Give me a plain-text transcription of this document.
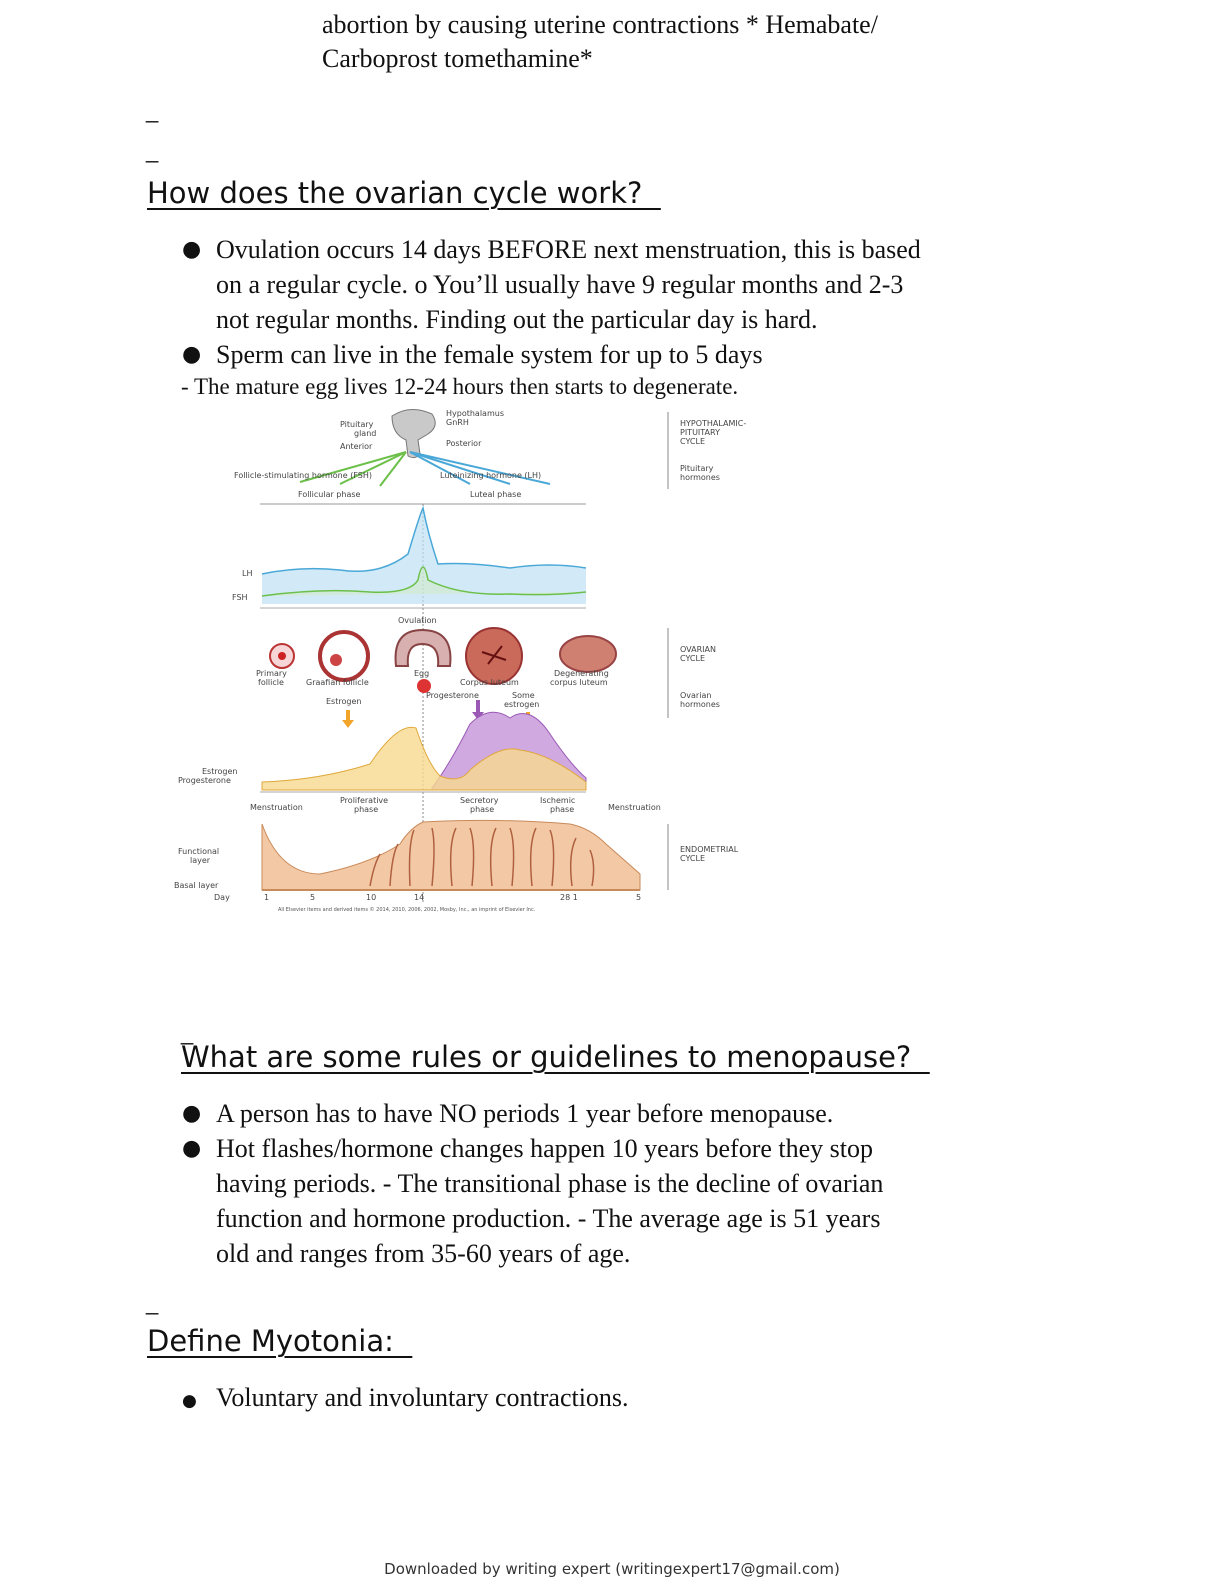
abortion by causing uterine contractions * Hemabate/
Carboprost tomethamine*
_
_
How does the ovarian cycle work?
● Ovulation occurs 14 days BEFORE next menstruation, this is based
on a regular cycle. o You’ll usually have 9 regular months and 2-3
not regular months. Finding out the particular day is hard.
● Sperm can live in the female system for up to 5 days
- The mature egg lives 12-24 hours then starts to degenerate.
Hypothalamus
GnRH
Pituitary
gland
Anterior	Posterior
Follicle-stimulating hormone (FSH)	Luteinizing hormone (LH)
Follicular phase	Luteal phase
HYPOTHALAMIC-
PITUITARY
CYCLE
Pituitary
hormones
LH
FSH
Ovulation
Primary
follicle	Graafian follicle
Egg
Corpus luteum
Degenerating
corpus luteum
Estrogen
Progesterone	Some
estrogen
OVARIAN
CYCLE
Ovarian
hormones
Estrogen
Progesterone
Menstruation
Proliferative
phase
Secretory
phase
Ischemic
phase	Menstruation
Functional
layer
Basal layer
Day
ENDOMETRIAL
CYCLE
1	5	10	14	28 1	5
All Elsevier items and derived items © 2014, 2010, 2006, 2002, Mosby, Inc., an imprint of Elsevier Inc.
_
What are some rules or guidelines to menopause?
● A person has to have NO periods 1 year before menopause.
● Hot flashes/hormone changes happen 10 years before they stop
having periods. - The transitional phase is the decline of ovarian
function and hormone production. - The average age is 51 years
old and ranges from 35-60 years of age.
_
Define Myotonia:
● Voluntary and involuntary contractions.
Downloaded by writing expert (writingexpert17@gmail.com)
